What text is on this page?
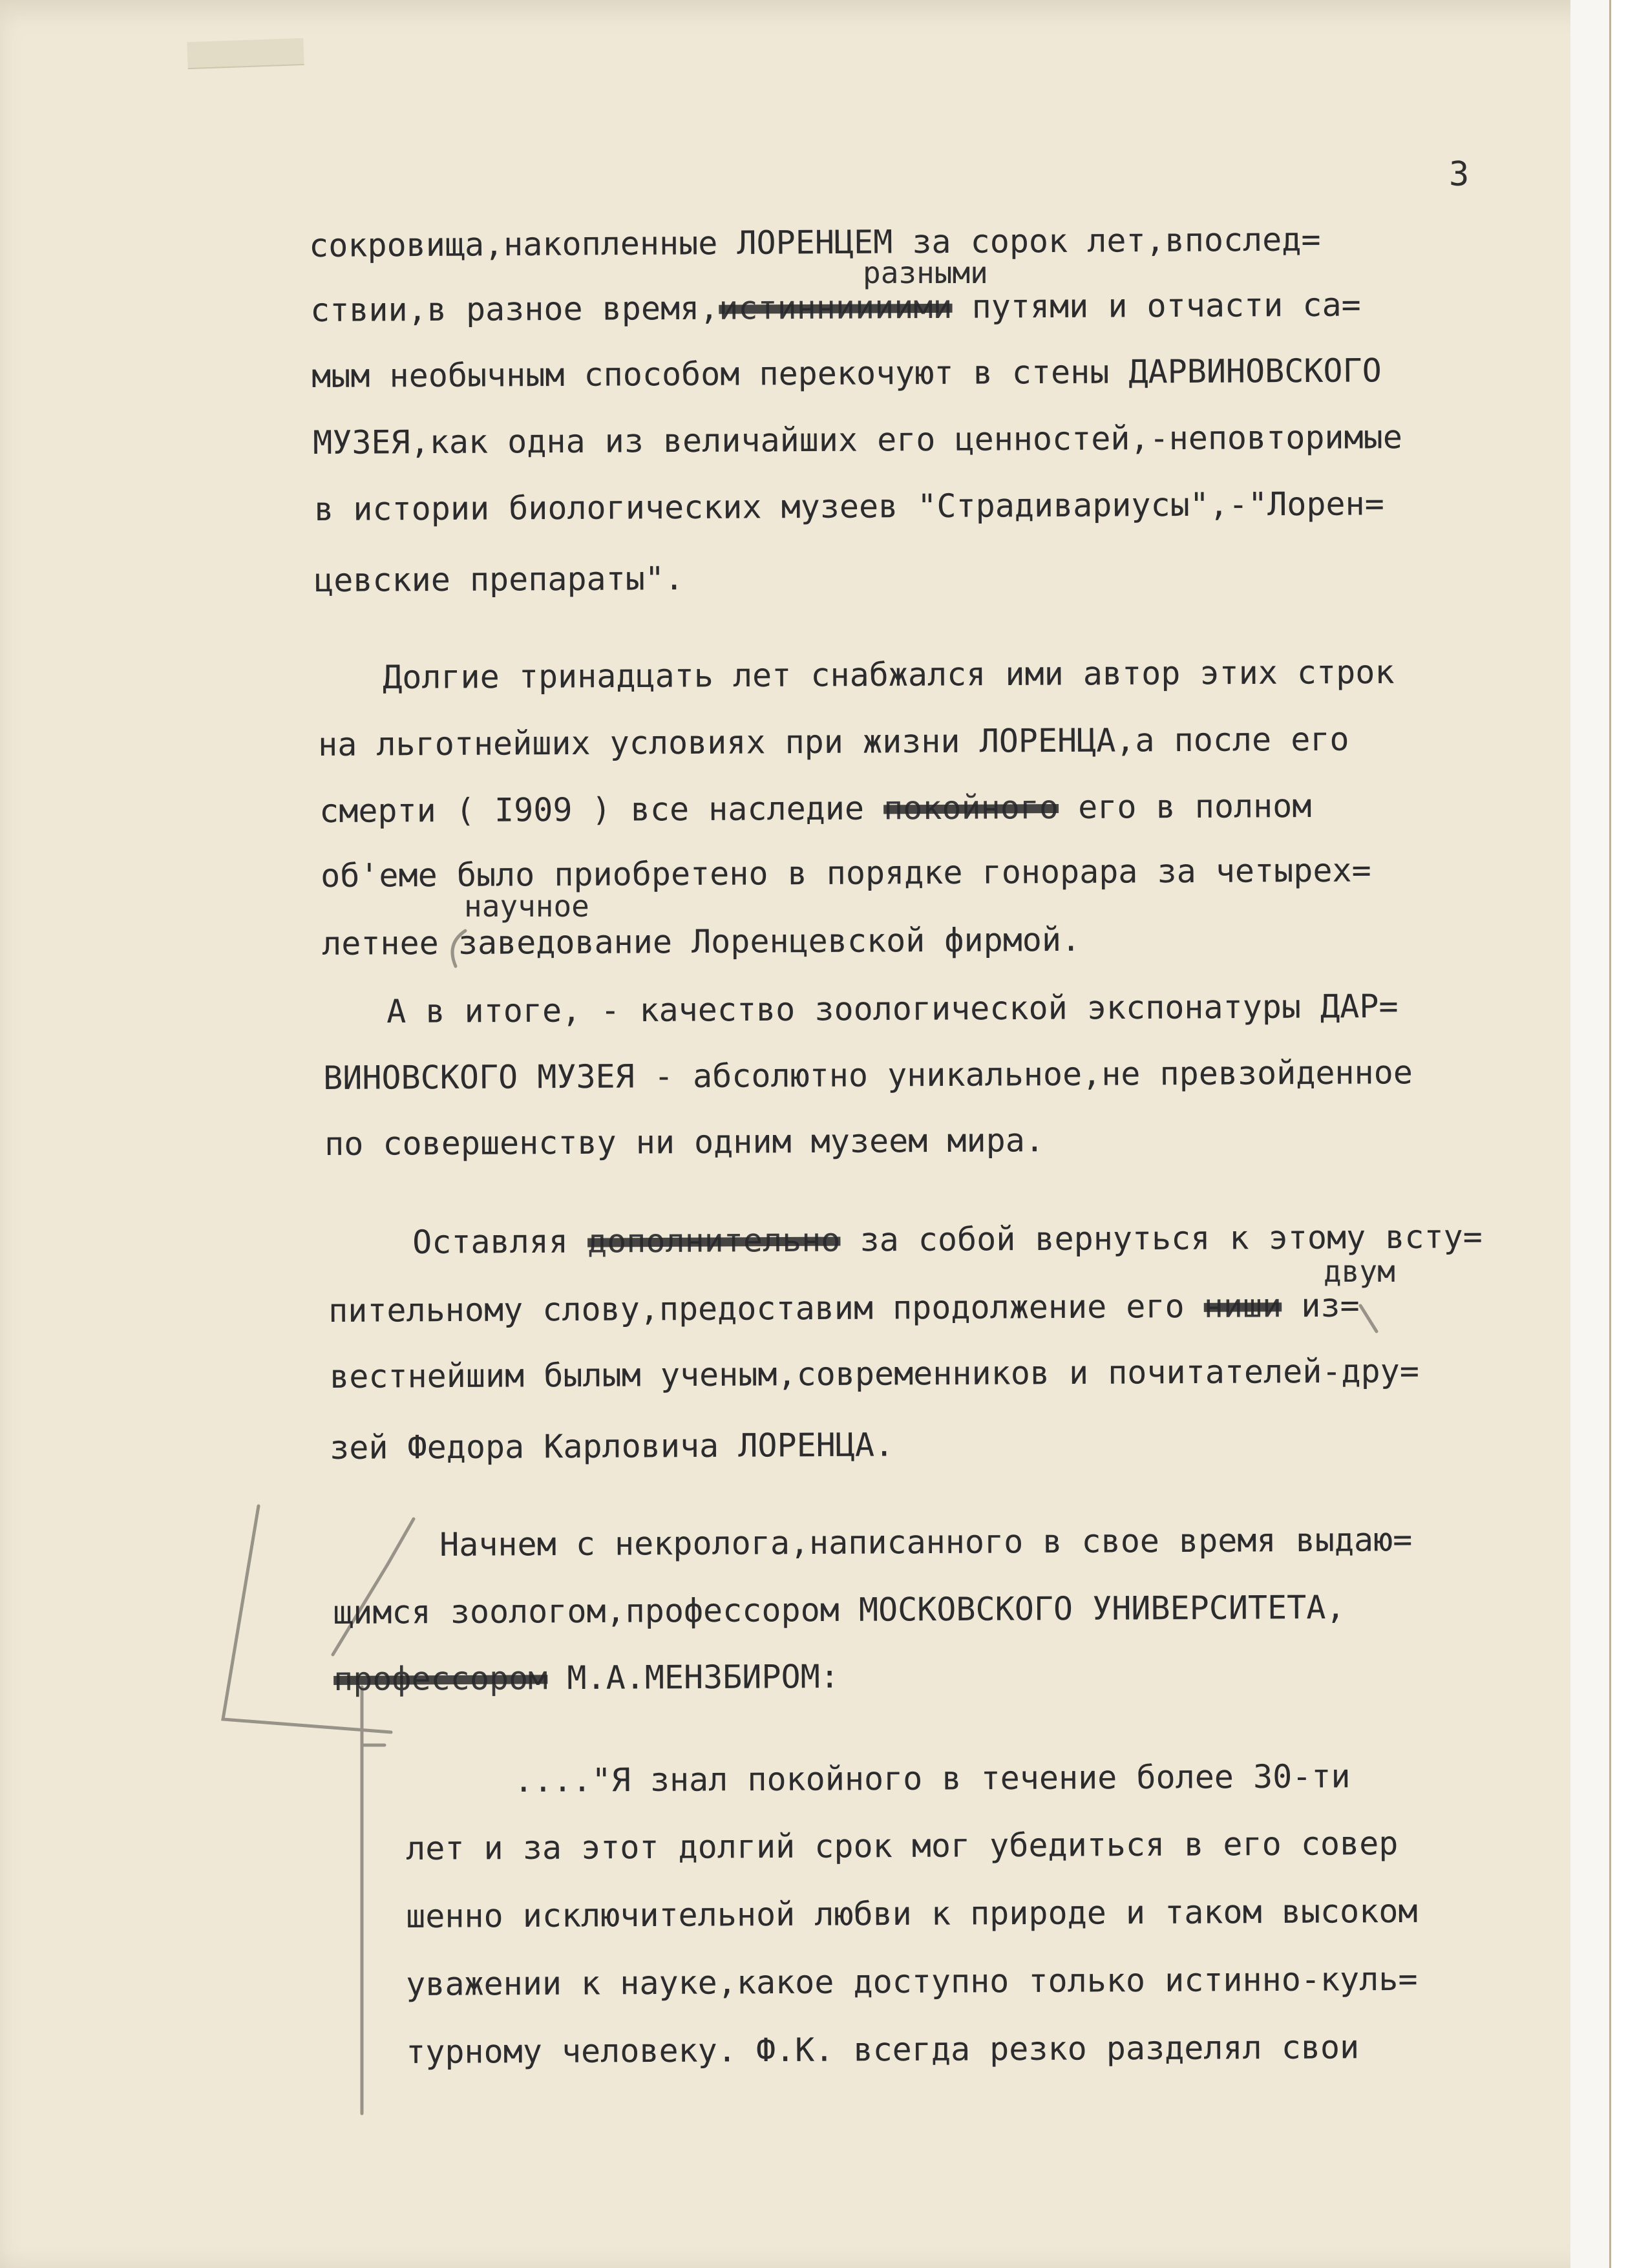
3
сокровища,накопленные ЛОРЕНЦЕМ за сорок лет,впослед=
разными
ствии,в разное время,истинниииими путями и отчасти са=
мым необычным способом перекочуют в стены ДАРВИНОВСКОГО
МУЗЕЯ,как одна из величайших его ценностей,-неповторимые
в истории биологических музеев "Страдивариусы",-"Лорен=
цевские препараты".
Долгие тринадцать лет снабжался ими автор этих строк
на льготнейших условиях при жизни ЛОРЕНЦА,а после его
смерти ( I909 ) все наследие покойного его в полном
об'еме было приобретено в порядке гонорара за четырех=
научное
летнее заведование Лоренцевской фирмой.
А в итоге, - качество зоологической экспонатуры ДАР=
ВИНОВСКОГО МУЗЕЯ - абсолютно уникальное,не превзойденное
по совершенству ни одним музеем мира.
Оставляя дополнительно за собой вернуться к этому всту=
двум
пительному слову,предоставим продолжение его ниши из=
вестнейшим былым ученым,современников и почитателей-дру=
зей Федора Карловича ЛОРЕНЦА.
Начнем с некролога,написанного в свое время выдаю=
щимся зоологом,профессором МОСКОВСКОГО УНИВЕРСИТЕТА,
профессором М.А.МЕНЗБИРОМ:
...."Я знал покойного в течение более 30-ти
лет и за этот долгий срок мог убедиться в его совер
шенно исключительной любви к природе и таком высоком
уважении к науке,какое доступно только истинно-куль=
турному человеку. Ф.К. всегда резко разделял свои
